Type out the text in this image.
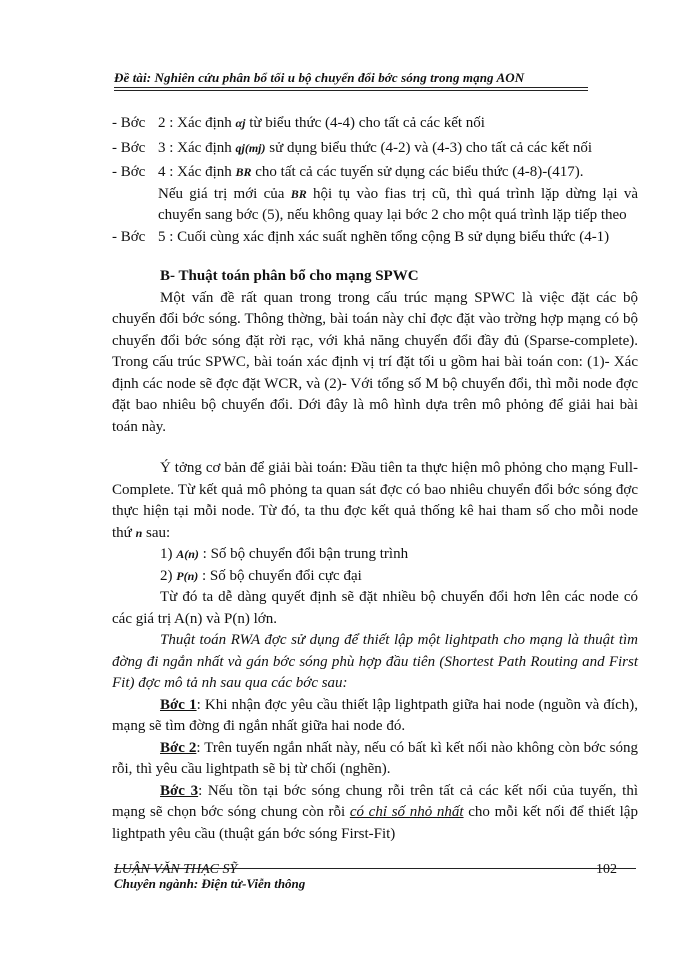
Đề tài: Nghiên cứu phân bổ tối u bộ chuyển đổi bớc sóng trong mạng AON
- Bớc 2 : Xác định αj từ biểu thức (4-4) cho tất cả các kết nối
- Bớc 3 : Xác định qj(mj) sử dụng biểu thức (4-2) và (4-3) cho tất cả các kết nối
- Bớc 4 : Xác định BR cho tất cả các tuyến sử dụng các biểu thức (4-8)-(417).
Nếu giá trị mới của BR hội tụ vào fias trị cũ, thì quá trình lặp dừng lại và chuyển sang bớc (5), nếu không quay lại bớc 2 cho một quá trình lặp tiếp theo
- Bớc 5 : Cuối cùng xác định xác suất nghẽn tổng cộng B sử dụng biểu thức (4-1)
B- Thuật toán phân bổ cho mạng SPWC

Một vấn đề rất quan trong trong cấu trúc mạng SPWC là việc đặt các bộ chuyển đổi bớc sóng. Thông thờng, bài toán này chỉ đợc đặt vào trờng hợp mạng có bộ chuyển đổi bớc sóng đặt rời rạc, với khả năng chuyển đổi đầy đủ (Sparse-complete). Trong cấu trúc SPWC, bài toán xác định vị trí đặt tối u gồm hai bài toán con: (1)- Xác định các node sẽ đợc đặt WCR, và (2)- Với tổng số M bộ chuyển đổi, thì mỗi node đợc đặt bao nhiêu bộ chuyển đổi. Dới đây là mô hình dựa trên mô phỏng để giải hai bài toán này.

Ý tởng cơ bản để giải bài toán: Đầu tiên ta thực hiện mô phỏng cho mạng Full-Complete. Từ kết quả mô phỏng ta quan sát đợc có bao nhiêu chuyển đổi bớc sóng đợc thực hiện tại mỗi node. Từ đó, ta thu đợc kết quả thống kê hai tham số cho mỗi node thứ n sau:

1) A(n) : Số bộ chuyển đổi bận trung trình
2) P(n) : Số bộ chuyển đổi cực đại

Từ đó ta dễ dàng quyết định sẽ đặt nhiều bộ chuyển đổi hơn lên các node có các giá trị A(n) và P(n) lớn.

Thuật toán RWA đợc sử dụng để thiết lập một lightpath cho mạng là thuật tìm đờng đi ngắn nhất và gán bớc sóng phù hợp đầu tiên (Shortest Path Routing and First Fit) đợc mô tả nh sau qua các bớc sau:

Bớc 1: Khi nhận đợc yêu cầu thiết lập lightpath giữa hai node (nguồn và đích), mạng sẽ tìm đờng đi ngắn nhất giữa hai node đó.

Bớc 2: Trên tuyến ngắn nhất này, nếu có bất kì kết nối nào không còn bớc sóng rỗi, thì yêu cầu lightpath sẽ bị từ chối (nghẽn).

Bớc 3: Nếu tồn tại bớc sóng chung rỗi trên tất cả các kết nối của tuyến, thì mạng sẽ chọn bớc sóng chung còn rỗi có chỉ số nhỏ nhất cho mỗi kết nối để thiết lập lightpath yêu cầu (thuật gán bớc sóng First-Fit)

LUẬN VĂN THẠC SỸ	102
Chuyên ngành: Điện tử-Viễn thông
